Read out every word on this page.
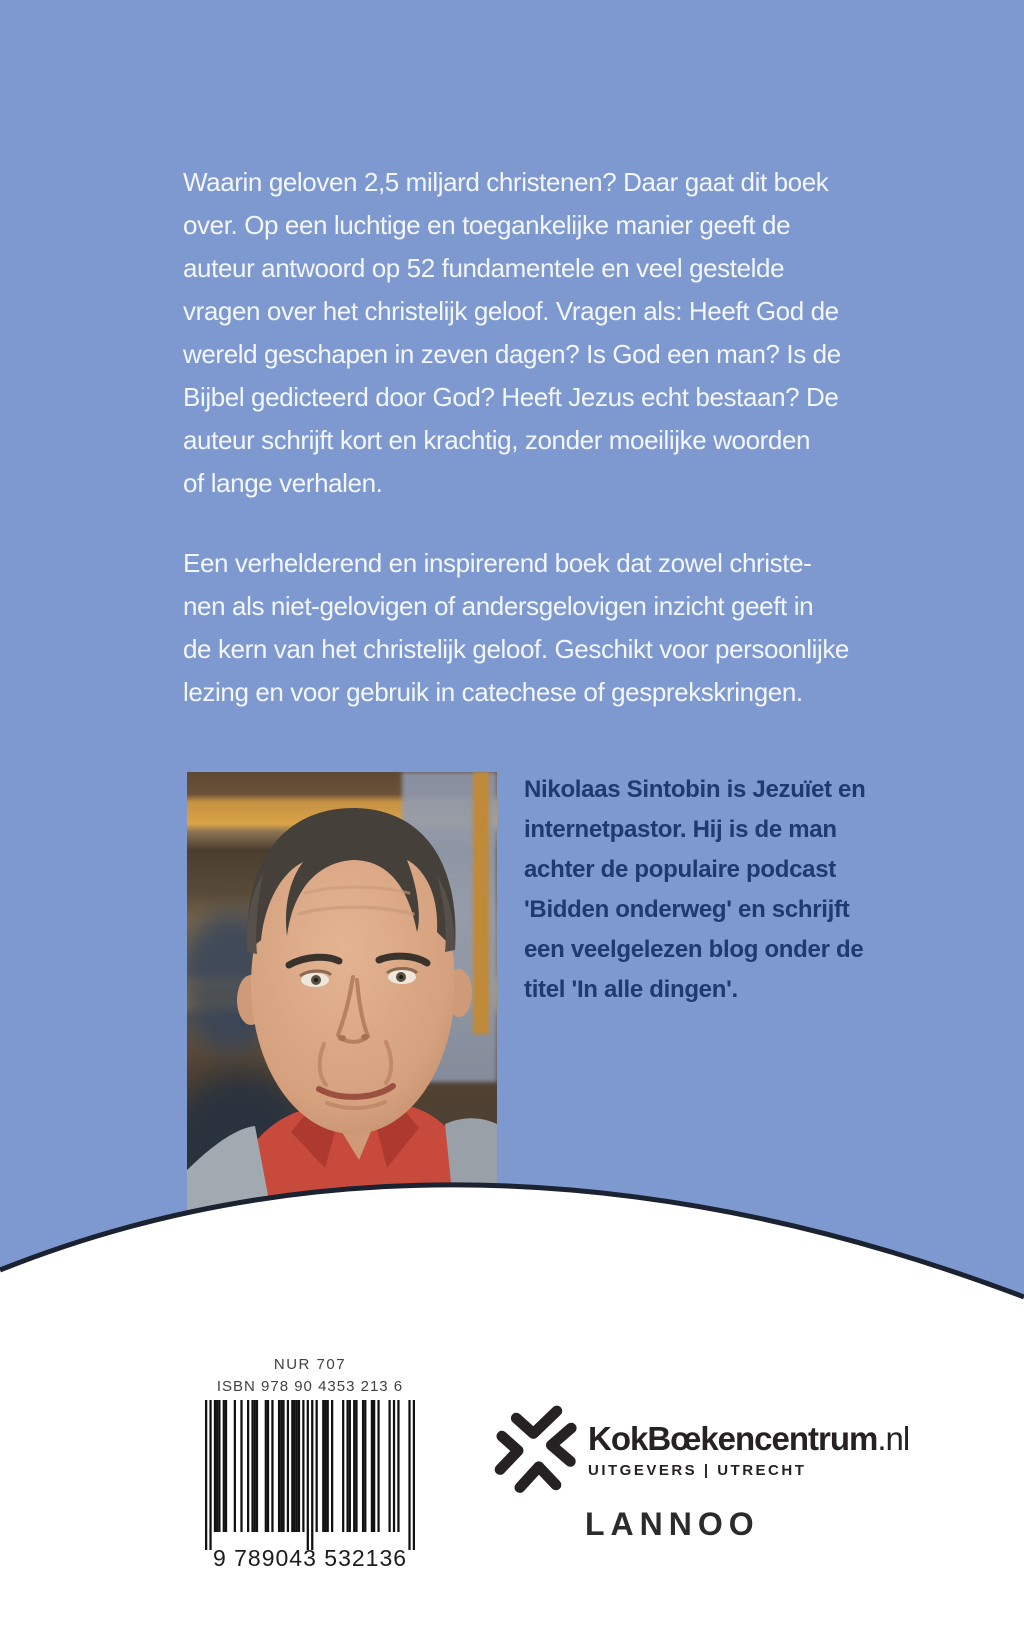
Waarin geloven 2,5 miljard christenen? Daar gaat dit boek
over. Op een luchtige en toegankelijke manier geeft de
auteur antwoord op 52 fundamentele en veel gestelde
vragen over het christelijk geloof. Vragen als: Heeft God de
wereld geschapen in zeven dagen? Is God een man? Is de
Bijbel gedicteerd door God? Heeft Jezus echt bestaan? De
auteur schrijft kort en krachtig, zonder moeilijke woorden
of lange verhalen.
Een verhelderend en inspirerend boek dat zowel christe-
nen als niet-gelovigen of andersgelovigen inzicht geeft in
de kern van het christelijk geloof. Geschikt voor persoonlijke
lezing en voor gebruik in catechese of gesprekskringen.
Nikolaas Sintobin is Jezuïet en
internetpastor. Hij is de man
achter de populaire podcast
'Bidden onderweg' en schrijft
een veelgelezen blog onder de
titel 'In alle dingen'.
NUR 707
ISBN 978 90 4353 213 6
9 789043 532136
KokBœkencentrum.nl
UITGEVERS | UTRECHT
LANNOO
